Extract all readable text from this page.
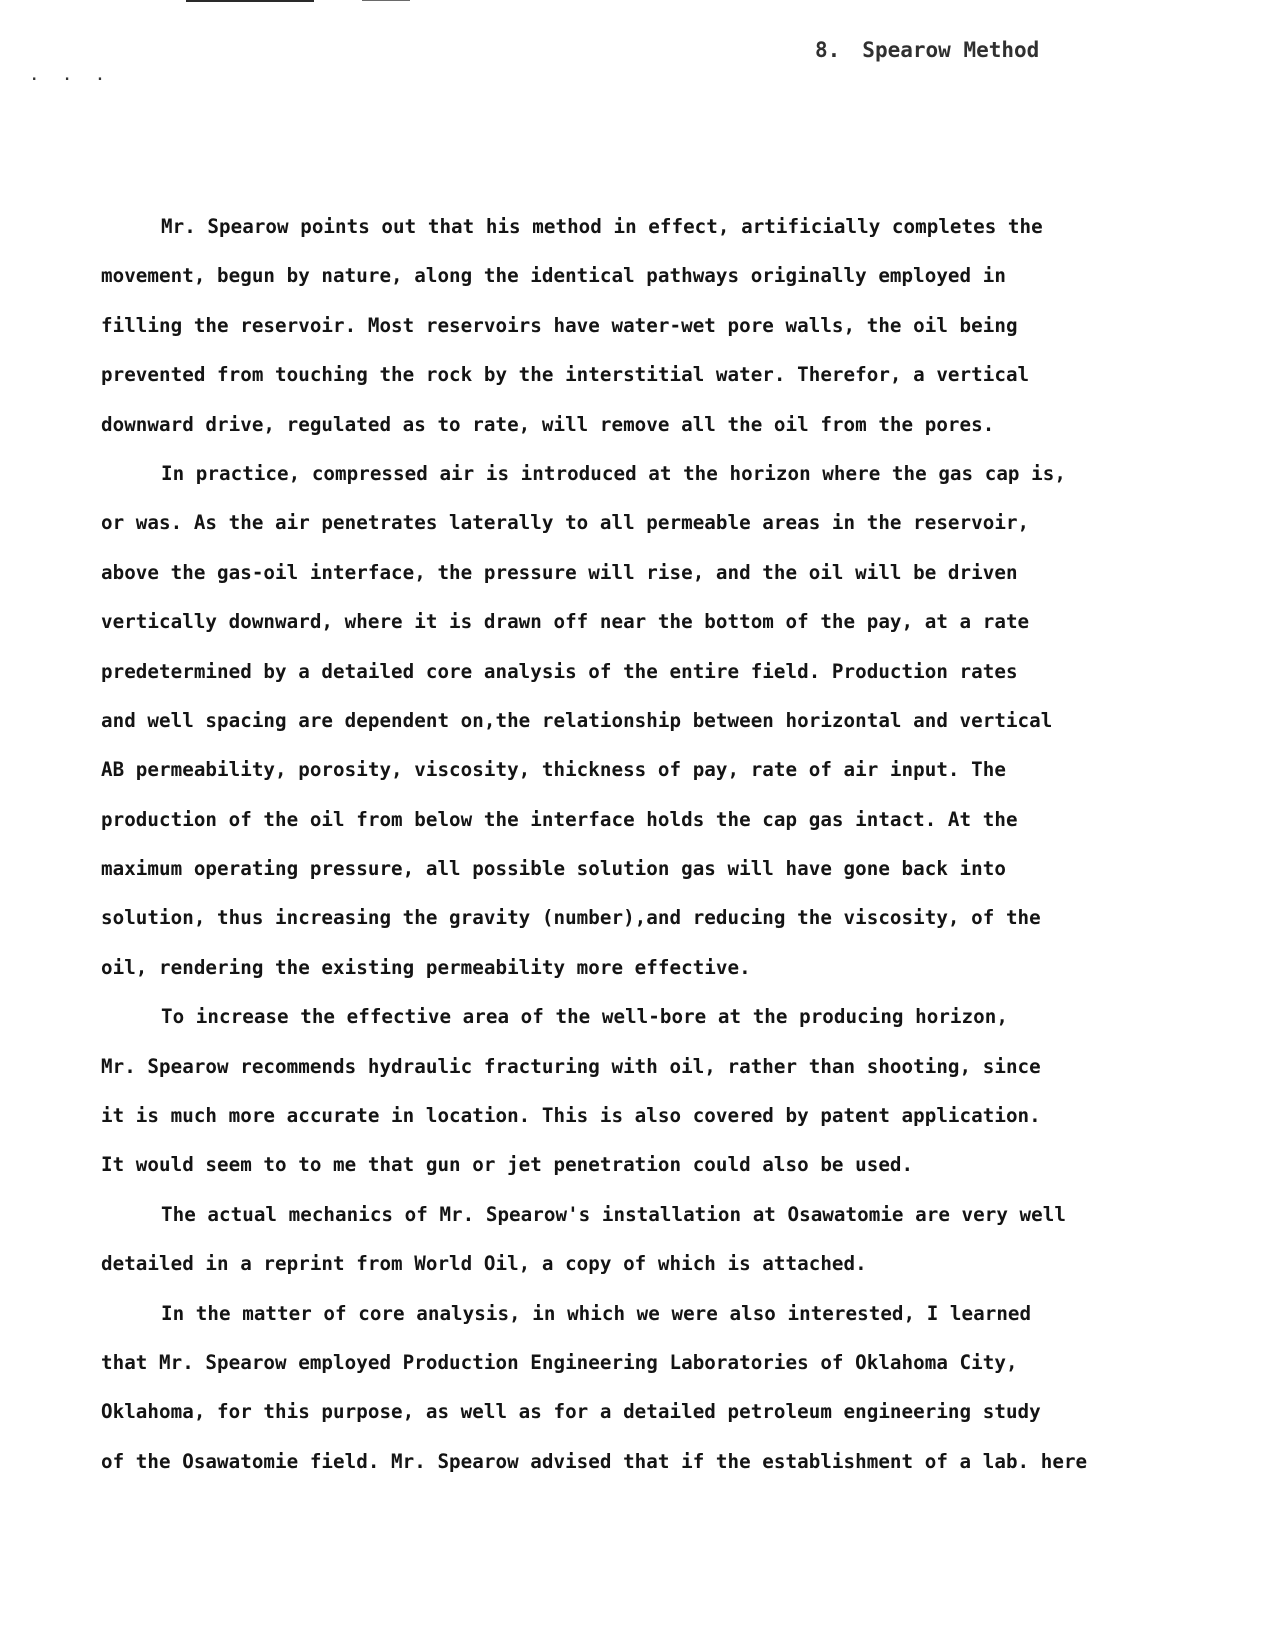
. . .
8. Spearow Method
Mr. Spearow points out that his method in effect, artificially completes the
movement, begun by nature, along the identical pathways originally employed in
filling the reservoir. Most reservoirs have water-wet pore walls, the oil being
prevented from touching the rock by the interstitial water. Therefor, a vertical
downward drive, regulated as to rate, will remove all the oil from the pores.
In practice, compressed air is introduced at the horizon where the gas cap is,
or was. As the air penetrates laterally to all permeable areas in the reservoir,
above the gas-oil interface, the pressure will rise, and the oil will be driven
vertically downward, where it is drawn off near the bottom of the pay, at a rate
predetermined by a detailed core analysis of the entire field. Production rates
and well spacing are dependent on,the relationship between horizontal and vertical
AB permeability, porosity, viscosity, thickness of pay, rate of air input. The
production of the oil from below the interface holds the cap gas intact. At the
maximum operating pressure, all possible solution gas will have gone back into
solution, thus increasing the gravity (number),and reducing the viscosity, of the
oil, rendering the existing permeability more effective.
To increase the effective area of the well-bore at the producing horizon,
Mr. Spearow recommends hydraulic fracturing with oil, rather than shooting, since
it is much more accurate in location. This is also covered by patent application.
It would seem to to me that gun or jet penetration could also be used.
The actual mechanics of Mr. Spearow's installation at Osawatomie are very well
detailed in a reprint from World Oil, a copy of which is attached.
In the matter of core analysis, in which we were also interested, I learned
that Mr. Spearow employed Production Engineering Laboratories of Oklahoma City,
Oklahoma, for this purpose, as well as for a detailed petroleum engineering study
of the Osawatomie field. Mr. Spearow advised that if the establishment of a lab. here
